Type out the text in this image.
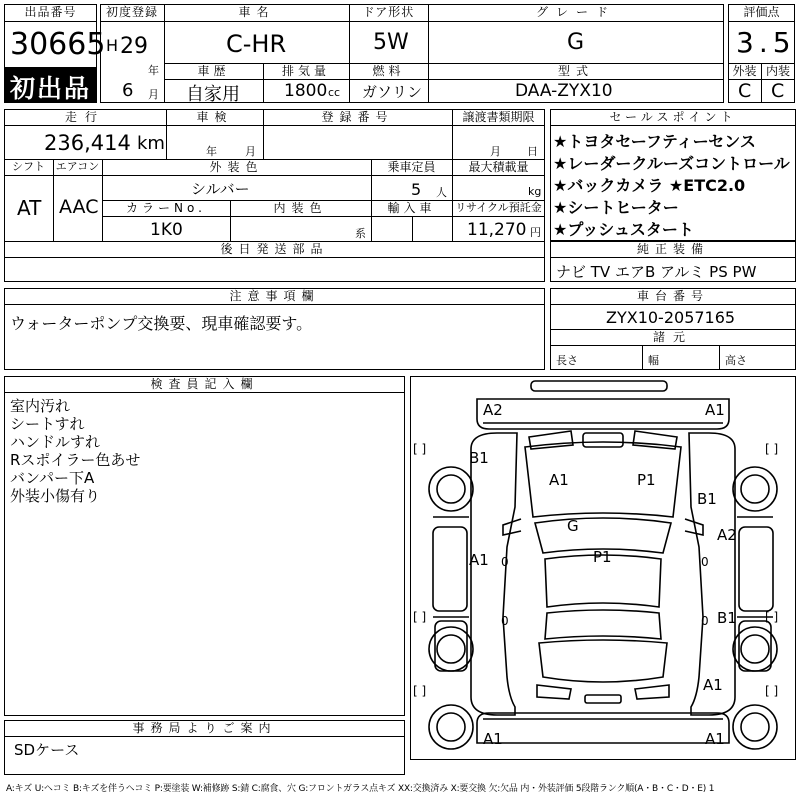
出品番号
30665
初出品
初度登録
H 29
年
6 月
車名
C-HR
ドア形状
5W
グレード
G
車歴
自家用
排気量
1800 cc
燃料
ガソリン
型式
DAA-ZYX10
評価点
3.5
外装 内装
C C
走行
236,414 km
車検
年	月
登録番号	譲渡書類期限
月 日
シフト
AT
エアコン
AAC
外装色
シルバー
乗車定員
5 人
最大積載量
kg
カラーNo.
1K0
内装色
系
輸入車	リサイクル預託金
11,270 円
後日発送部品
セールスポイント
★トヨタセーフティーセンス
★レーダークルーズコントロール
★バックカメラ ★ETC2.0
★シートヒーター
★プッシュスタート
純正装備
ナビ TV エアB アルミ PS PW
注意事項欄
ウォーターポンプ交換要、現車確認要す。
車台番号
ZYX10-2057165
諸元
長さ	幅	高さ
検査員記入欄
室内汚れ
シートすれ
ハンドルすれ
Rスポイラー色あせ
バンパー下A
外装小傷有り
事務局よりご案内
SDケース
A2	A1
B1
A1	P1
B1
G	A2
A1	P1
B1
A1
A1	A1
0	0
0	0
[ ]	[ ]
[ ]	[ ]
[ ]	[ ]
A:キズ U:ヘコミ B:キズを伴うヘコミ P:要塗装 W:補修跡 S:錆 C:腐食、穴 G:フロントガラス点キズ XX:交換済み X:要交換 欠:欠品 内・外装評価 5段階ランク順(A・B・C・D・E) 1
